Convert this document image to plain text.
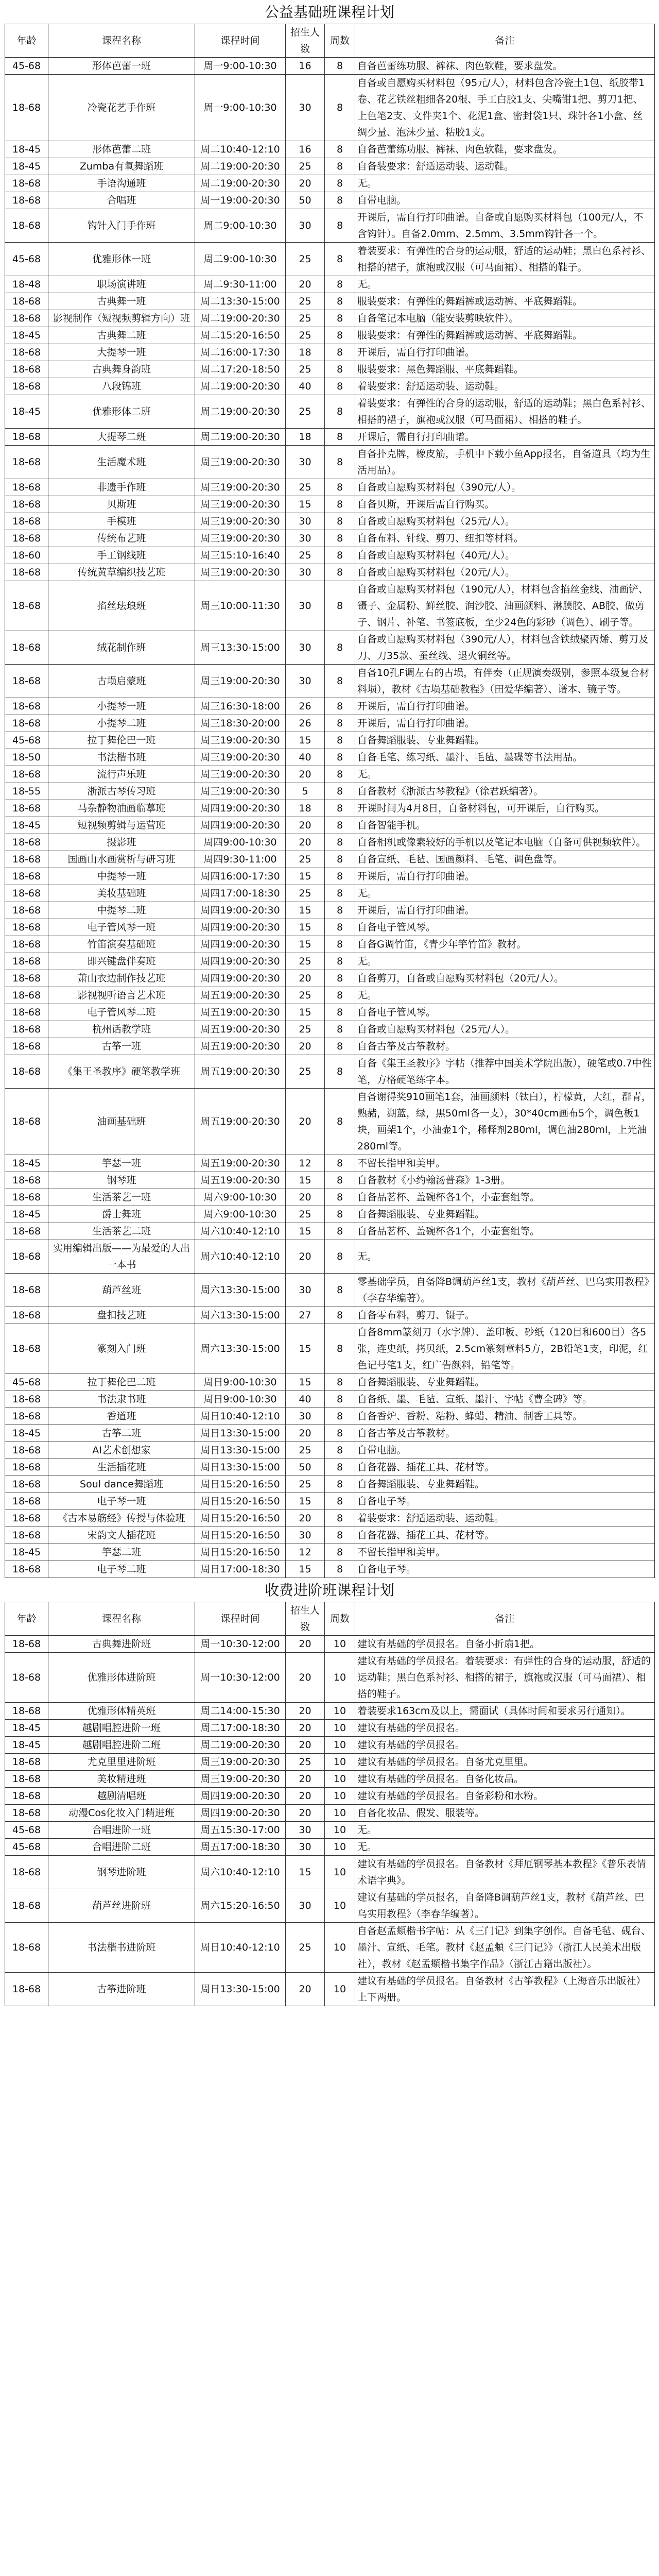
公益基础班课程计划
年龄	课程名称	课程时间	招生人数	周数	备注
45-68	形体芭蕾一班	周一9:00-10:30	16	8	自备芭蕾练功服、裤袜、肉色软鞋，要求盘发。
18-68	冷瓷花艺手作班	周一9:00-10:30	30	8	自备或自愿购买材料包（95元/人），材料包含冷瓷土1包、纸胶带1卷、花艺铁丝粗细各20根、手工白胶1支、尖嘴钳1把、剪刀1把、上色笔2支、文件夹1个、花泥1盒、密封袋1只、珠针各1小盒、丝绸少量、泡沫少量、粘胶1支。
18-45	形体芭蕾二班	周二10:40-12:10	16	8	自备芭蕾练功服、裤袜、肉色软鞋，要求盘发。
18-45	Zumba有氧舞蹈班	周二19:00-20:30	25	8	自备装要求：舒适运动装、运动鞋。
18-68	手语沟通班	周二19:00-20:30	20	8	无。
18-68	合唱班	周一19:00-20:30	50	8	自带电脑。
18-68	钩针入门手作班	周二9:00-10:30	30	8	开课后，需自行打印曲谱。自备或自愿购买材料包（100元/人，不含钩针）。自备2.0mm、2.5mm、3.5mm钩针各一个。
45-68	优雅形体一班	周二9:00-10:30	25	8	着装要求：有弹性的合身的运动服，舒适的运动鞋；黑白色系衬衫、相搭的裙子，旗袍或汉服（可马面裙）、相搭的鞋子。
18-48	职场演讲班	周二9:30-11:00	20	8	无。
18-68	古典舞一班	周二13:30-15:00	25	8	服装要求：有弹性的舞蹈裤或运动裤、平底舞蹈鞋。
18-68	影视制作（短视频剪辑方向）班	周二19:00-20:30	25	8	自备笔记本电脑（能安装剪映软件）。
18-45	古典舞二班	周二15:20-16:50	25	8	服装要求：有弹性的舞蹈裤或运动裤、平底舞蹈鞋。
18-68	大提琴一班	周二16:00-17:30	18	8	开课后，需自行打印曲谱。
18-68	古典舞身韵班	周二17:20-18:50	25	8	服装要求：黑色舞蹈服、平底舞蹈鞋。
18-68	八段锦班	周二19:00-20:30	40	8	着装要求：舒适运动装、运动鞋。
18-45	优雅形体二班	周二19:00-20:30	25	8	着装要求：有弹性的合身的运动服，舒适的运动鞋；黑白色系衬衫、相搭的裙子，旗袍或汉服（可马面裙）、相搭的鞋子。
18-68	大提琴二班	周二19:00-20:30	18	8	开课后，需自行打印曲谱。
18-68	生活魔术班	周三19:00-20:30	30	8	自备扑克牌，橡皮筋，手机中下载小鱼App报名，自备道具（均为生活用品）。
18-68	非遗手作班	周三19:00-20:30	25	8	自备或自愿购买材料包（390元/人）。
18-68	贝斯班	周三19:00-20:30	15	8	自备贝斯，开课后需自行购买。
18-68	手模班	周三19:00-20:30	30	8	自备或自愿购买材料包（25元/人）。
18-68	传统布艺班	周三19:00-20:30	30	8	自备布料、针线、剪刀、纽扣等材料。
18-60	手工钢线班	周三15:10-16:40	25	8	自备或自愿购买材料包（40元/人）。
18-68	传统黄草编织技艺班	周三19:00-20:30	30	8	自备或自愿购买材料包（20元/人）。
18-68	掐丝珐琅班	周三10:00-11:30	30	8	自备或自愿购买材料包（190元/人），材料包含掐丝金线、油画铲、镊子、金属粉、鲜丝胶、润沙胶、油画颜料、淋膜胶、AB胶、做剪子、钢片、补笔、书签底板，至少24色的彩砂（调色）、刷子等。
18-68	绒花制作班	周三13:30-15:00	30	8	自备或自愿购买材料包（390元/人），材料包含铁绒聚丙烯、剪刀及刀、刀35款、蚕丝线、退火铜丝等。
18-68	古埙启蒙班	周三19:00-20:30	30	8	自备10孔F调左右的古埙，有伴奏（正规演奏级别，参照本级复合材料埙），教材《古埙基础教程》（田爱华编著）、谱本、镜子等。
18-68	小提琴一班	周三16:30-18:00	26	8	开课后，需自行打印曲谱。
18-68	小提琴二班	周三18:30-20:00	26	8	开课后，需自行打印曲谱。
45-68	拉丁舞伦巴一班	周三19:00-20:30	15	8	自备舞蹈服装、专业舞蹈鞋。
18-50	书法楷书班	周三19:00-20:30	40	8	自备毛笔、练习纸、墨汁、毛毡、墨碟等书法用品。
18-68	流行声乐班	周三19:00-20:30	20	8	无。
18-55	浙派古琴传习班	周三19:00-20:30	5	8	自备教材《浙派古琴教程》（徐君跃编著）。
18-68	马杂静物油画临摹班	周四19:00-20:30	18	8	开课时间为4月8日，自备材料包，可开课后，自行购买。
18-45	短视频剪辑与运营班	周四19:00-20:30	20	8	自备智能手机。
18-68	摄影班	周四9:00-10:30	20	8	自备相机或像素较好的手机以及笔记本电脑（自备可供视频软件）。
18-68	国画山水画赏析与研习班	周四9:30-11:00	25	8	自备宣纸、毛毡、国画颜料、毛笔、调色盘等。
18-68	中提琴一班	周四16:00-17:30	15	8	开课后，需自行打印曲谱。
18-68	美妆基础班	周四17:00-18:30	25	8	无。
18-68	中提琴二班	周四19:00-20:30	15	8	开课后，需自行打印曲谱。
18-68	电子管风琴一班	周四19:00-20:30	15	8	自备电子管风琴。
18-68	竹笛演奏基础班	周四19:00-20:30	15	8	自备G调竹笛，《青少年竽竹笛》教材。
18-68	即兴键盘伴奏班	周四19:00-20:30	25	8	无。
18-68	萧山衣边制作技艺班	周四19:00-20:30	20	8	自备剪刀，自备或自愿购买材料包（20元/人）。
18-68	影视视听语言艺术班	周五19:00-20:30	25	8	无。
18-68	电子管风琴二班	周五19:00-20:30	15	8	自备电子管风琴。
18-68	杭州话教学班	周五19:00-20:30	25	8	自备或自愿购买材料包（25元/人）。
18-68	古筝一班	周五19:00-20:30	20	8	自备古筝及古筝教材。
18-68	《集王圣教序》硬笔教学班	周五19:00-20:30	25	8	自备《集王圣教序》字帖（推荐中国美术学院出版），硬笔或0.7中性笔，方格硬笔练字本。
18-68	油画基础班	周五19:00-20:30	20	8	自备谢得奖910画笔1套，油画颜料（钛白），柠檬黄，大红，群青，熟赭，湖蓝，绿，黑50ml各一支），30*40cm画布5个，调色板1块，画架1个，小油壶1个，稀释剂280ml，调色油280ml，上光油280ml等。
18-45	竽瑟一班	周五19:00-20:30	12	8	不留长指甲和美甲。
18-68	钢琴班	周五19:00-20:30	15	8	自备教材《小约翰汤普森》1-3册。
18-68	生活茶艺一班	周六9:00-10:30	20	8	自备品茗杯、盖碗杯各1个，小壶套组等。
18-45	爵士舞班	周六9:00-10:30	25	8	自备舞蹈服装、专业舞蹈鞋。
18-68	生活茶艺二班	周六10:40-12:10	15	8	自备品茗杯、盖碗杯各1个，小壶套组等。
18-68	实用编辑出版——为最爱的人出一本书	周六10:40-12:10	20	8	无。
18-68	葫芦丝班	周六13:30-15:00	30	8	零基础学员，自备降B调葫芦丝1支，教材《葫芦丝、巴乌实用教程》（李春华编著）。
18-68	盘扣技艺班	周六13:30-15:00	27	8	自备零布料，剪刀、镊子。
18-68	篆刻入门班	周六13:30-15:00	15	8	自备8mm篆刻刀（水字牌）、盖印板、砂纸（120目和600目）各5张，连史纸，拷贝纸，2.5cm篆刻章料5方，2B铅笔1支，印泥，红色记号笔1支，红广告颜料，铅笔等。
45-68	拉丁舞伦巴二班	周日9:00-10:30	15	8	自备舞蹈服装、专业舞蹈鞋。
18-68	书法隶书班	周日9:00-10:30	40	8	自备纸、墨、毛毡、宣纸、墨汁、字帖《曹全碑》等。
18-68	香道班	周日10:40-12:10	30	8	自备香炉、香粉、粘粉、蜂蜡、精油、制香工具等。
18-45	古筝二班	周日13:30-15:00	20	8	自备古筝及古筝教材。
18-68	AI艺术创想家	周日13:30-15:00	25	8	自带电脑。
18-68	生活插花班	周日13:30-15:00	50	8	自备花器、插花工具、花材等。
18-68	Soul dance舞蹈班	周日15:20-16:50	25	8	自备舞蹈服装、专业舞蹈鞋。
18-68	电子琴一班	周日15:20-16:50	15	8	自备电子琴。
18-68	《古本易筋经》传授与体验班	周日15:20-16:50	20	8	着装要求：舒适运动装、运动鞋。
18-68	宋韵文人插花班	周日15:20-16:50	30	8	自备花器、插花工具、花材等。
18-45	竽瑟二班	周日15:20-16:50	12	8	不留长指甲和美甲。
18-68	电子琴二班	周日17:00-18:30	15	8	自备电子琴。
收费进阶班课程计划
年龄	课程名称	课程时间	招生人数	周数	备注
18-68	古典舞进阶班	周一10:30-12:00	20	10	建议有基础的学员报名。自备小折扇1把。
18-68	优雅形体进阶班	周一10:30-12:00	20	10	建议有基础的学员报名。着装要求：有弹性的合身的运动服，舒适的运动鞋；黑白色系衬衫、相搭的裙子，旗袍或汉服（可马面裙）、相搭的鞋子。
18-68	优雅形体精英班	周二14:00-15:30	20	10	着装要求163cm及以上，需面试（具体时间和要求另行通知）。
18-45	越剧唱腔进阶一班	周二17:00-18:30	20	10	建议有基础的学员报名。
18-45	越剧唱腔进阶二班	周二19:00-20:30	20	10	建议有基础的学员报名。
18-68	尤克里里进阶班	周三19:00-20:30	25	10	建议有基础的学员报名。自备尤克里里。
18-68	美妆精进班	周三19:00-20:30	20	10	建议有基础的学员报名。自备化妆品。
18-68	越剧清唱班	周四19:00-20:30	20	10	建议有基础的学员报名。自备彩粉和水粉。
18-68	动漫Cos化妆入门精进班	周四19:00-20:30	20	10	自备化妆品、假发、服装等。
45-68	合唱进阶一班	周五15:30-17:00	30	10	无。
45-68	合唱进阶二班	周五17:00-18:30	30	10	无。
18-68	钢琴进阶班	周六10:40-12:10	15	10	建议有基础的学员报名。自备教材《拜厄钢琴基本教程》《普乐表情术语字典》。
18-68	葫芦丝进阶班	周六15:20-16:50	30	10	建议有基础的学员报名，自备降B调葫芦丝1支，教材《葫芦丝、巴乌实用教程》（李春华编著）。
18-68	书法楷书进阶班	周日10:40-12:10	25	10	自备赵孟頫楷书字帖：从《三门记》到集字创作。自备毛毡、砚台、墨汁、宣纸、毛笔。教材《赵孟頫《三门记》》（浙江人民美术出版社），教材《赵孟頫楷书集字作品》（浙江古籍出版社）。
18-68	古筝进阶班	周日13:30-15:00	20	10	建议有基础的学员报名。自备教材《古筝教程》（上海音乐出版社）上下两册。
